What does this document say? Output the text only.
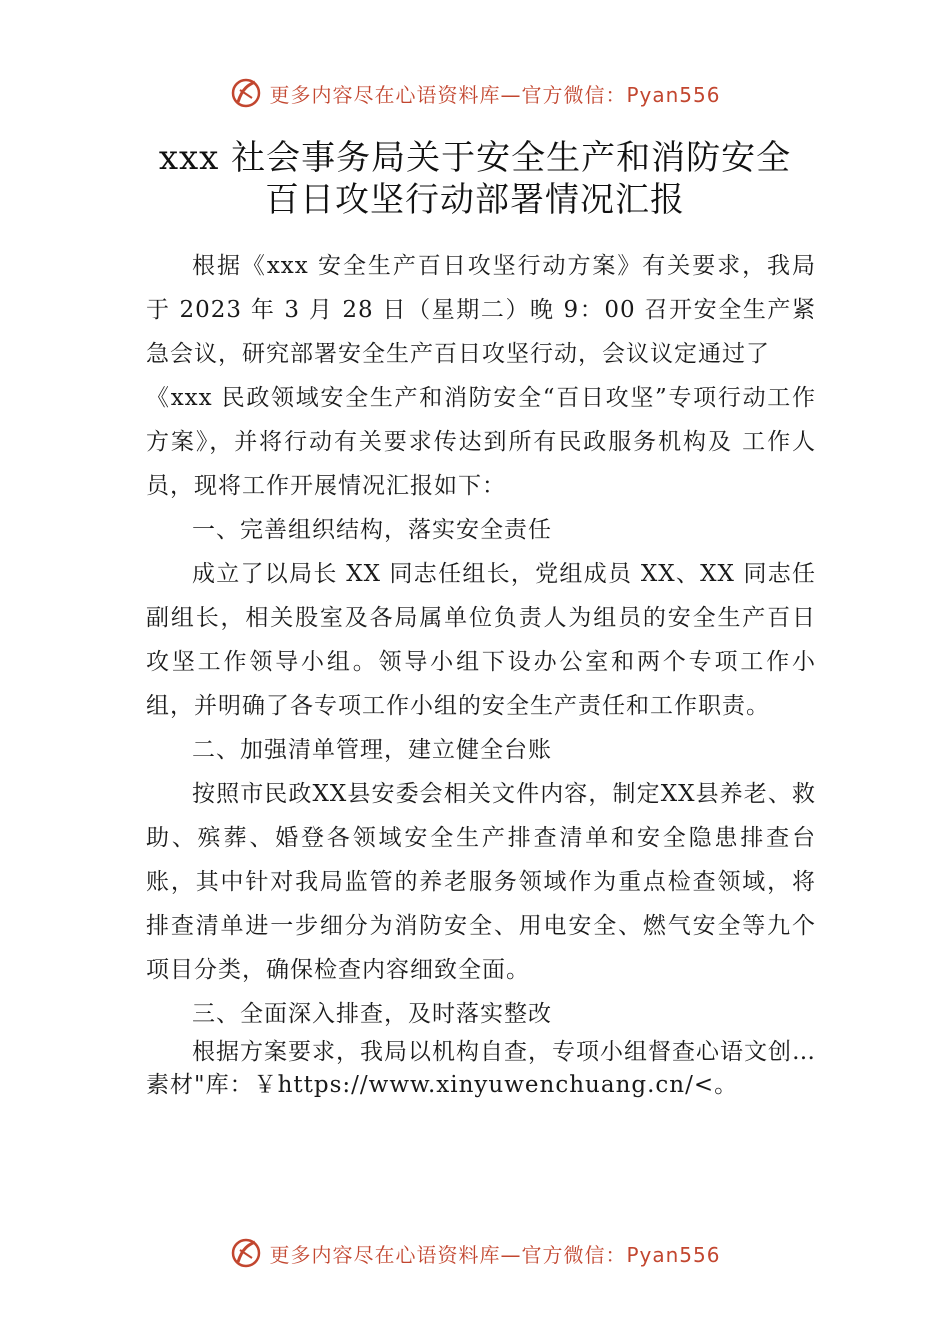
更多内容尽在心语资料库—官方微信：Pyan556
xxx 社会事务局关于安全生产和消防安全
百日攻坚行动部署情况汇报

根据《xxx 安全生产百日攻坚行动方案》有关要求，我局于 2023 年 3 月 28 日（星期二）晚 9：00 召开安全生产紧急会议，研究部署安全生产百日攻坚行动，会议议定通过了

《xxx 民政领域安全生产和消防安全“百日攻坚”专项行动工作方案》，并将行动有关要求传达到所有民政服务机构及 工作人员，现将工作开展情况汇报如下：

一、完善组织结构，落实安全责任

成立了以局长 XX 同志任组长，党组成员 XX、XX 同志任副组长，相关股室及各局属单位负责人为组员的安全生产百日攻坚工作领导小组。领导小组下设办公室和两个专项工作小组，并明确了各专项工作小组的安全生产责任和工作职责。

二、加强清单管理，建立健全台账

按照市民政XX县安委会相关文件内容，制定XX县养老、救助、殡葬、婚登各领域安全生产排查清单和安全隐患排查台账，其中针对我局监管的养老服务领域作为重点检查领域，将排查清单进一步细分为消防安全、用电安全、燃气安全等九个项目分类，确保检查内容细致全面。

三、全面深入排查，及时落实整改

根据方案要求，我局以机构自查，专项小组督查心语文创…素材"库：￥https://www.xinyuwenchuang.cn/<。

更多内容尽在心语资料库—官方微信：Pyan556
